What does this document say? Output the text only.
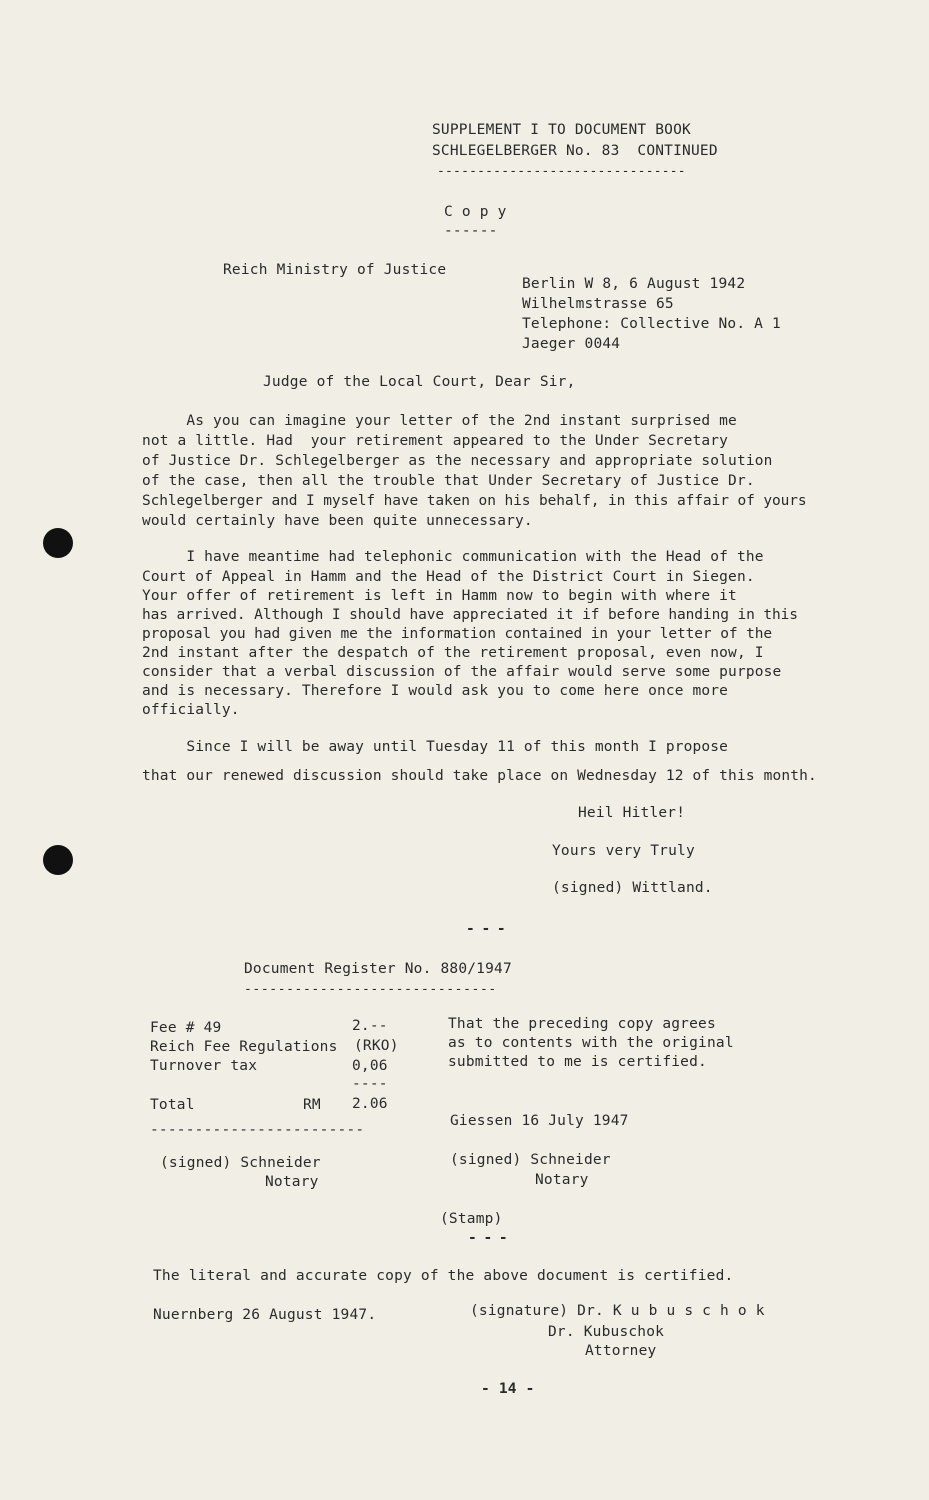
SUPPLEMENT I TO DOCUMENT BOOK
SCHLEGELBERGER No. 83  CONTINUED
-------------------------------
C o p y
------
Reich Ministry of Justice
Berlin W 8, 6 August 1942
Wilhelmstrasse 65
Telephone: Collective No. A 1
Jaeger 0044
Judge of the Local Court, Dear Sir,
As you can imagine your letter of the 2nd instant surprised me
not a little. Had  your retirement appeared to the Under Secretary
of Justice Dr. Schlegelberger as the necessary and appropriate solution
of the case, then all the trouble that Under Secretary of Justice Dr.
Schlegelberger and I myself have taken on his behalf, in this affair of yours
would certainly have been quite unnecessary.
I have meantime had telephonic communication with the Head of the
Court of Appeal in Hamm and the Head of the District Court in Siegen.
Your offer of retirement is left in Hamm now to begin with where it
has arrived. Although I should have appreciated it if before handing in this
proposal you had given me the information contained in your letter of the
2nd instant after the despatch of the retirement proposal, even now, I
consider that a verbal discussion of the affair would serve some purpose
and is necessary. Therefore I would ask you to come here once more
officially.
Since I will be away until Tuesday 11 of this month I propose
that our renewed discussion should take place on Wednesday 12 of this month.
Heil Hitler!
Yours very Truly
(signed) Wittland.
- - -
Document Register No. 880/1947
------------------------------
Fee # 49	2.--
Reich Fee Regulations (RKO)
Turnover tax	0,06
----
Total	RM 2.06
------------------------
(signed) Schneider
Notary
That the preceding copy agrees
as to contents with the original
submitted to me is certified.
Giessen 16 July 1947
(signed) Schneider
Notary
(Stamp)
- - -
The literal and accurate copy of the above document is certified.
Nuernberg 26 August 1947.	(signature) Dr. K u b u s c h o k
Dr. Kubuschok
Attorney
- 14 -
